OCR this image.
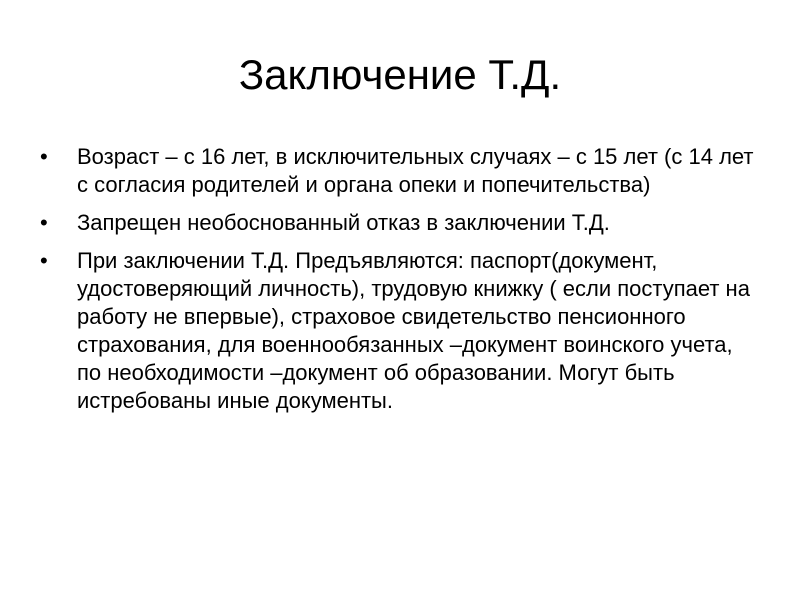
Заключение Т.Д.
•	Возраст – с 16 лет, в исключительных случаях – с 15 лет (с 14 лет с согласия родителей и органа опеки и попечительства)
•	Запрещен необоснованный отказ в заключении Т.Д.
•	При заключении Т.Д. Предъявляются: паспорт(документ, удостоверяющий личность), трудовую книжку ( если поступает на работу не впервые), страховое свидетельство пенсионного страхования, для военнообязанных –документ воинского учета, по необходимости –документ об образовании. Могут быть истребованы иные документы.
